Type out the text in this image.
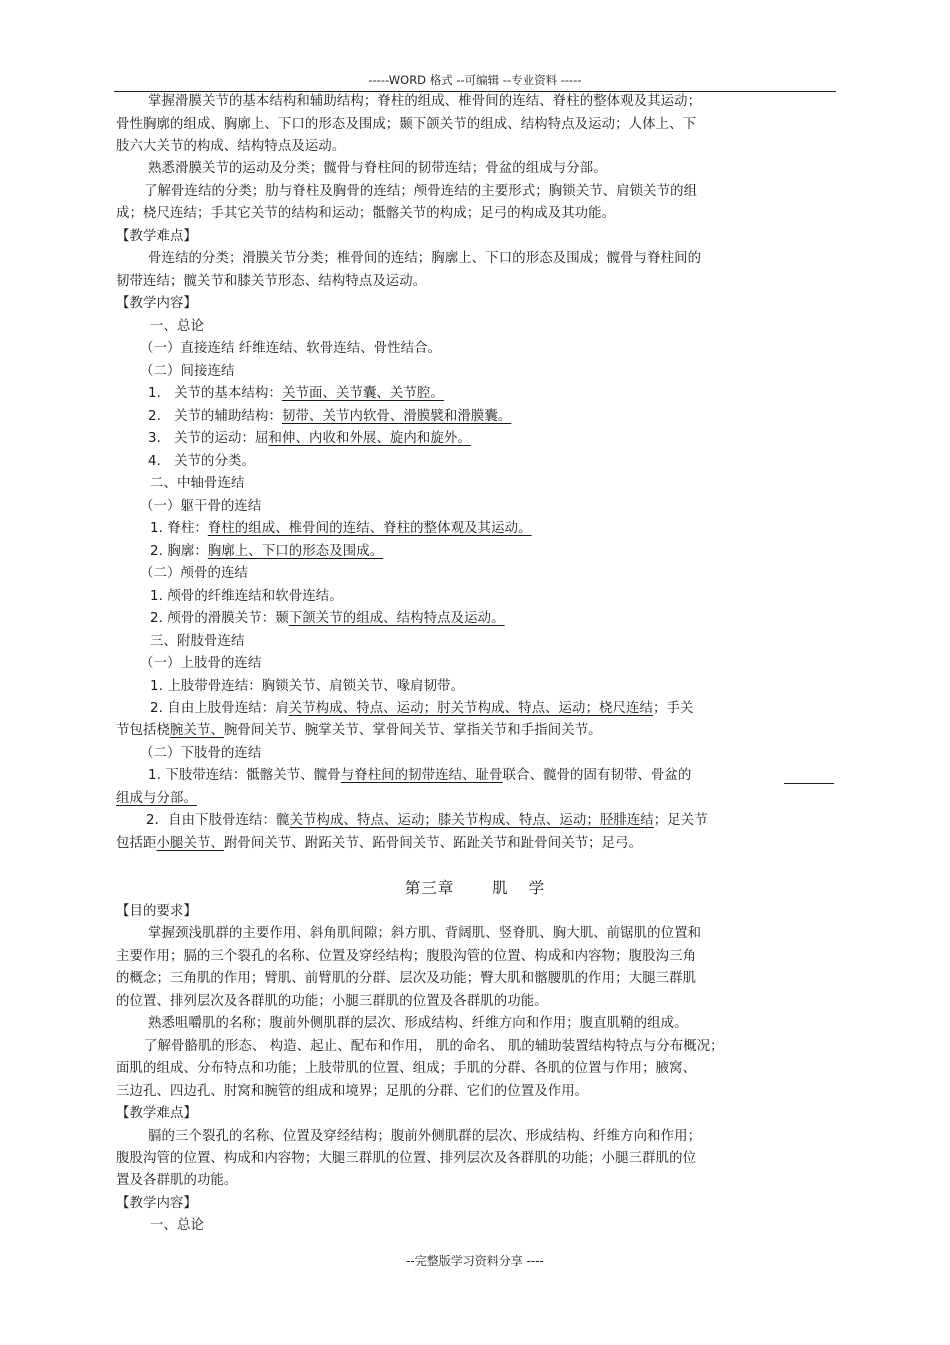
-----WORD 格式 --可编辑 --专业资料 -----
掌握滑膜关节的基本结构和辅助结构；脊柱的组成、椎骨间的连结、脊柱的整体观及其运动；
骨性胸廓的组成、胸廓上、下口的形态及围成；颞下颌关节的组成、结构特点及运动；人体上、下
肢六大关节的构成、结构特点及运动。
熟悉滑膜关节的运动及分类；髋骨与脊柱间的韧带连结；骨盆的组成与分部。
了解骨连结的分类；肋与脊柱及胸骨的连结；颅骨连结的主要形式；胸锁关节、肩锁关节的组
成；桡尺连结；手其它关节的结构和运动；骶髂关节的构成；足弓的构成及其功能。
【教学难点】
骨连结的分类；滑膜关节分类；椎骨间的连结；胸廓上、下口的形态及围成；髋骨与脊柱间的
韧带连结；髋关节和膝关节形态、结构特点及运动。
【教学内容】
一、总论
（一）直接连结 纤维连结、软骨连结、骨性结合。
（二）间接连结
1. 关节的基本结构：关节面、关节囊、关节腔。
2. 关节的辅助结构：韧带、关节内软骨、滑膜襞和滑膜囊。
3. 关节的运动：屈和伸、内收和外展、旋内和旋外。
4. 关节的分类。
二、中轴骨连结
（一）躯干骨的连结
1. 脊柱：脊柱的组成、椎骨间的连结、脊柱的整体观及其运动。
2. 胸廓：胸廓上、下口的形态及围成。
（二）颅骨的连结
1. 颅骨的纤维连结和软骨连结。
2. 颅骨的滑膜关节：颞下颌关节的组成、结构特点及运动。
三、附肢骨连结
（一）上肢骨的连结
1. 上肢带骨连结：胸锁关节、肩锁关节、喙肩韧带。
2. 自由上肢骨连结：肩关节构成、特点、运动；肘关节构成、特点、运动；桡尺连结；手关
节包括桡腕关节、腕骨间关节、腕掌关节、掌骨间关节、掌指关节和手指间关节。
（二）下肢骨的连结
1. 下肢带连结：骶髂关节、髋骨与脊柱间的韧带连结、耻骨联合、髋骨的固有韧带、骨盆的
组成与分部。
2．自由下肢骨连结：髋关节构成、特点、运动；膝关节构成、特点、运动；胫腓连结；足关节
包括距小腿关节、跗骨间关节、跗跖关节、跖骨间关节、跖趾关节和趾骨间关节；足弓。
第三章 肌 学
【目的要求】
掌握颈浅肌群的主要作用、斜角肌间隙；斜方肌、背阔肌、竖脊肌、胸大肌、前锯肌的位置和
主要作用；膈的三个裂孔的名称、位置及穿经结构；腹股沟管的位置、构成和内容物；腹股沟三角
的概念；三角肌的作用；臂肌、前臂肌的分群、层次及功能；臀大肌和髂腰肌的作用；大腿三群肌
的位置、排列层次及各群肌的功能；小腿三群肌的位置及各群肌的功能。
熟悉咀嚼肌的名称；腹前外侧肌群的层次、形成结构、纤维方向和作用；腹直肌鞘的组成。
了解骨骼肌的形态、 构造、起止、配布和作用， 肌的命名、 肌的辅助装置结构特点与分布概况；
面肌的组成、分布特点和功能；上肢带肌的位置、组成；手肌的分群、各肌的位置与作用；腋窝、
三边孔、四边孔、肘窝和腕管的组成和境界；足肌的分群、它们的位置及作用。
【教学难点】
膈的三个裂孔的名称、位置及穿经结构；腹前外侧肌群的层次、形成结构、纤维方向和作用；
腹股沟管的位置、构成和内容物；大腿三群肌的位置、排列层次及各群肌的功能；小腿三群肌的位
置及各群肌的功能。
【教学内容】
一、总论
--完整版学习资料分享 ----
